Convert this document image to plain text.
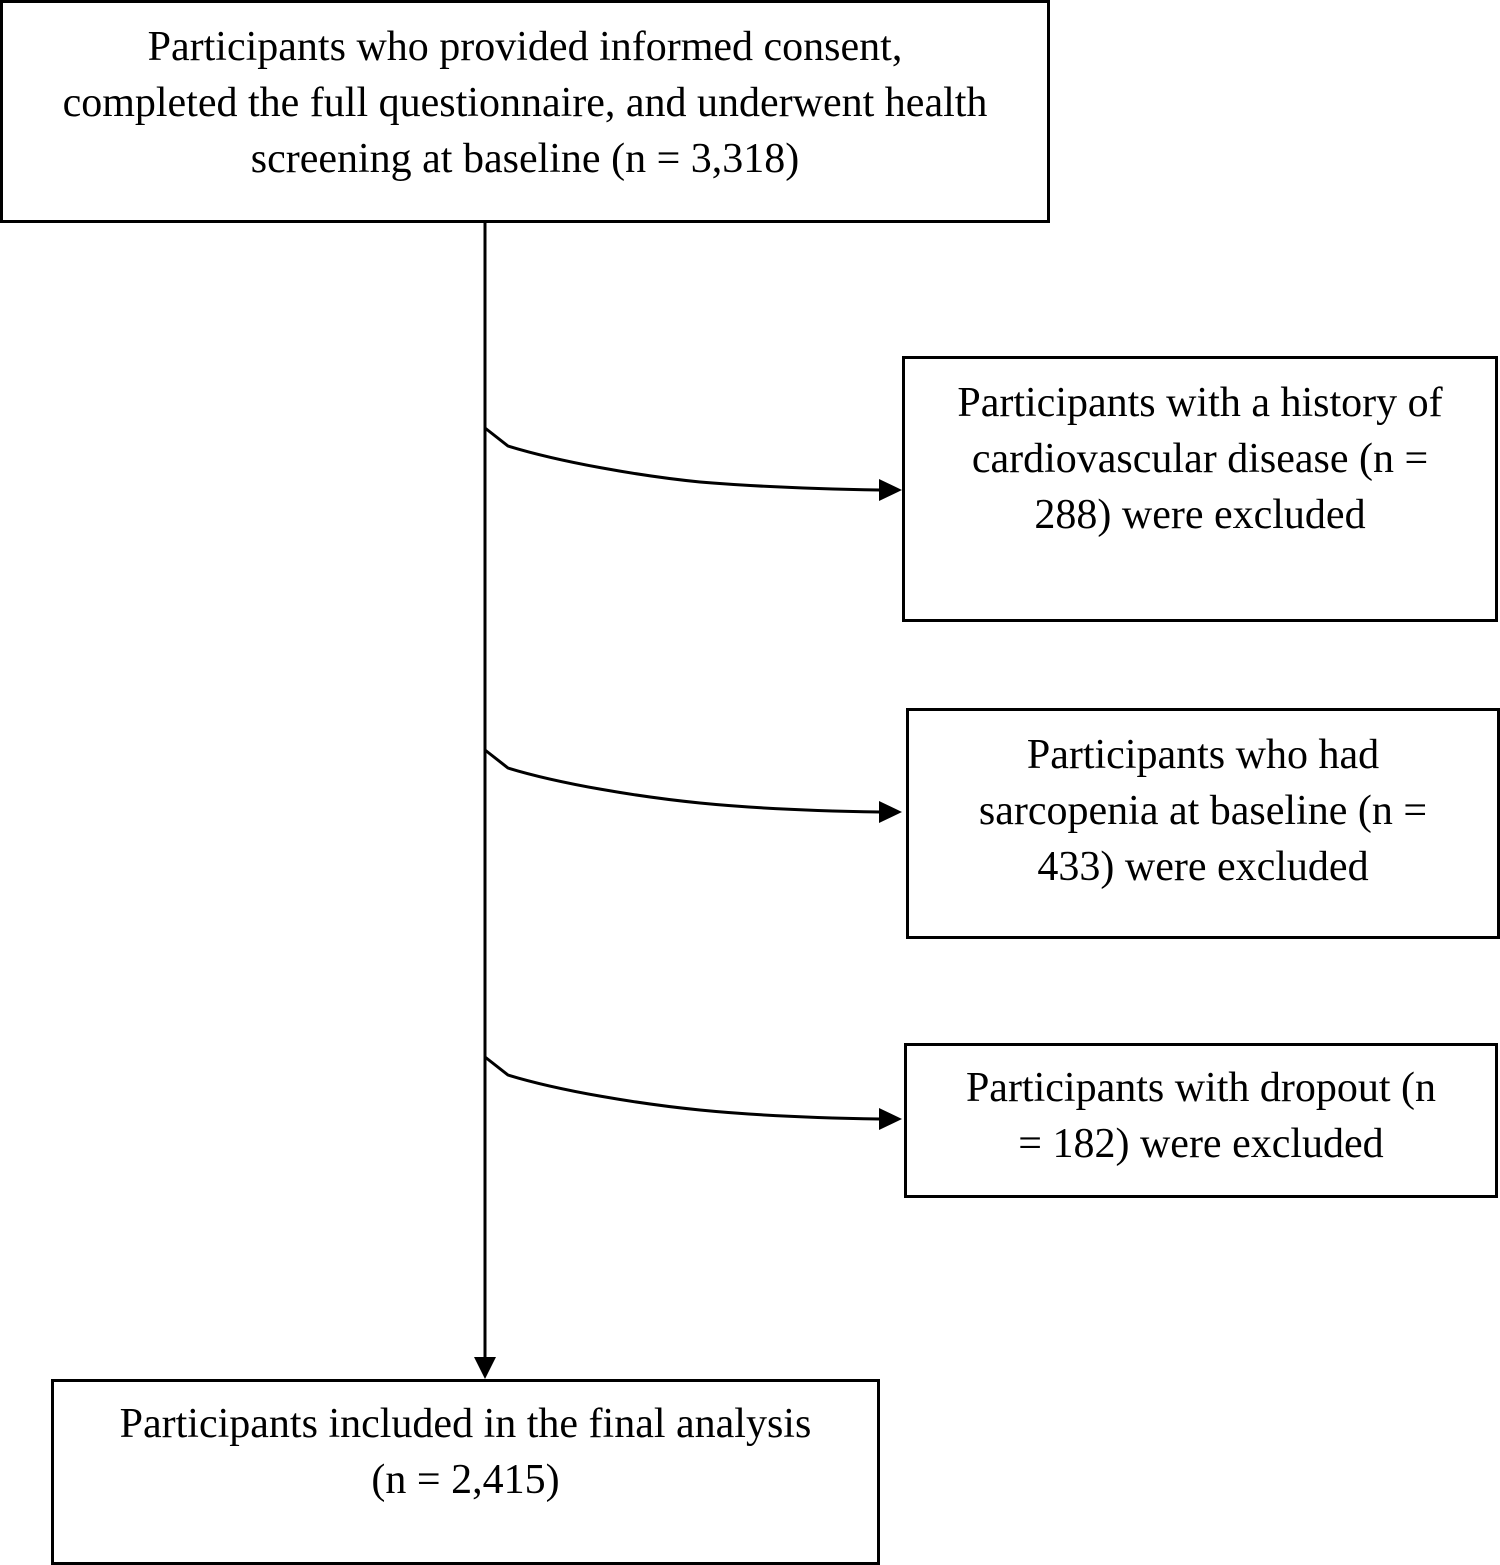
Participants who provided informed consent,
completed the full questionnaire, and underwent health
screening at baseline (n = 3,318)
Participants with a history of
cardiovascular disease (n =
288) were excluded
Participants who had
sarcopenia at baseline (n =
433) were excluded
Participants with dropout (n
= 182) were excluded
Participants included in the final analysis
(n = 2,415)
